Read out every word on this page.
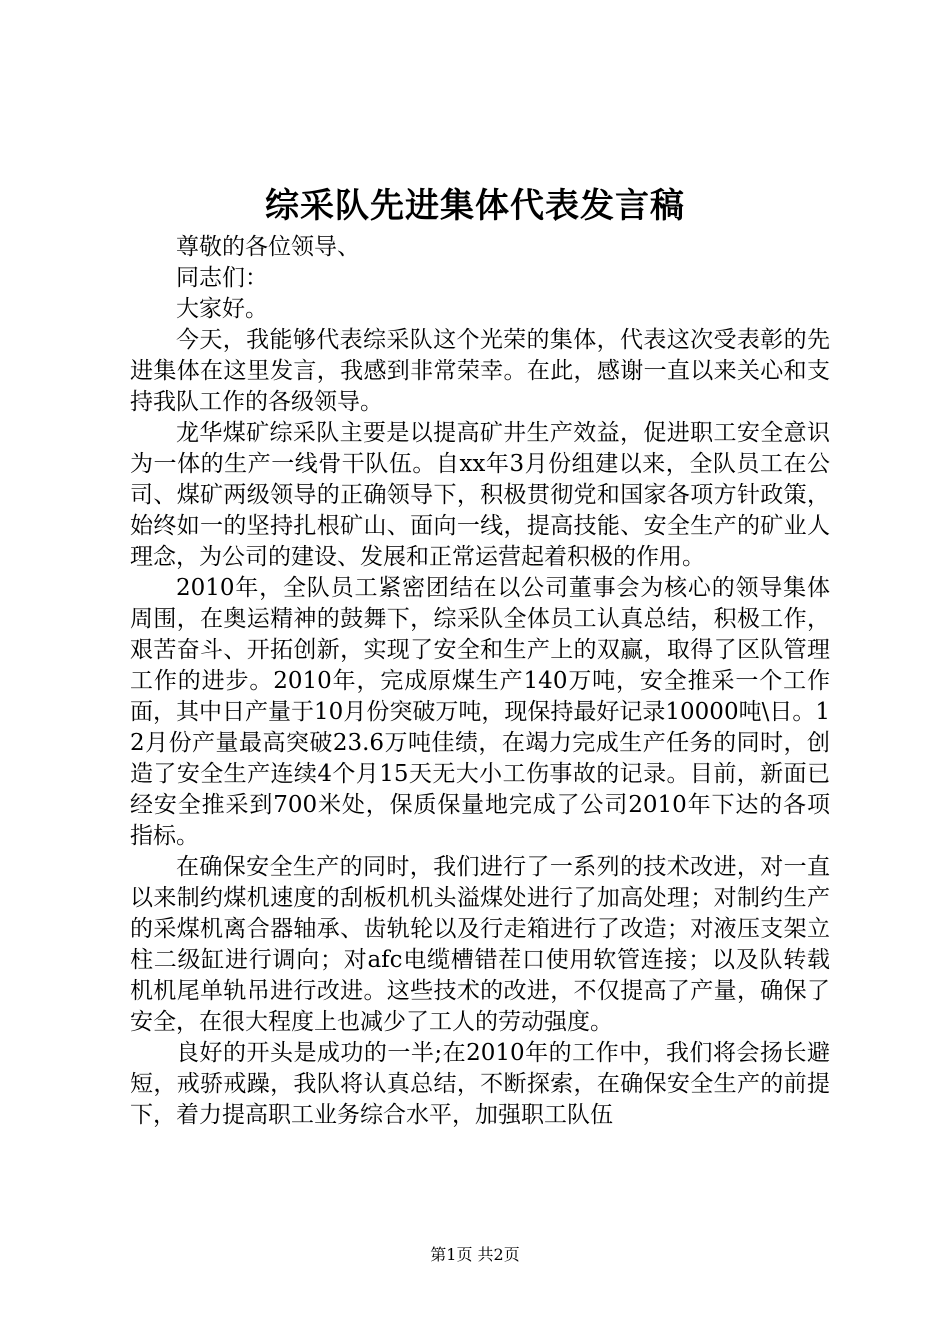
综采队先进集体代表发言稿

尊敬的各位领导、

同志们：

大家好。

今天，我能够代表综采队这个光荣的集体，代表这次受表彰的先进集体在这里发言，我感到非常荣幸。在此，感谢一直以来关心和支持我队工作的各级领导。

龙华煤矿综采队主要是以提高矿井生产效益，促进职工安全意识为一体的生产一线骨干队伍。自xx年3月份组建以来，全队员工在公司、煤矿两级领导的正确领导下，积极贯彻党和国家各项方针政策，始终如一的坚持扎根矿山、面向一线，提高技能、安全生产的矿业人理念，为公司的建设、发展和正常运营起着积极的作用。

2010年，全队员工紧密团结在以公司董事会为核心的领导集体周围，在奥运精神的鼓舞下，综采队全体员工认真总结，积极工作，艰苦奋斗、开拓创新，实现了安全和生产上的双赢，取得了区队管理工作的进步。2010年，完成原煤生产140万吨，安全推采一个工作面，其中日产量于10月份突破万吨，现保持最好记录10000吨\日。12月份产量最高突破23.6万吨佳绩，在竭力完成生产任务的同时，创造了安全生产连续4个月15天无大小工伤事故的记录。目前，新面已经安全推采到700米处，保质保量地完成了公司2010年下达的各项指标。

在确保安全生产的同时，我们进行了一系列的技术改进，对一直以来制约煤机速度的刮板机机头溢煤处进行了加高处理；对制约生产的采煤机离合器轴承、齿轨轮以及行走箱进行了改造；对液压支架立柱二级缸进行调向；对afc电缆槽错茬口使用软管连接；以及队转载机机尾单轨吊进行改进。这些技术的改进，不仅提高了产量，确保了安全，在很大程度上也减少了工人的劳动强度。

良好的开头是成功的一半;在2010年的工作中，我们将会扬长避短，戒骄戒躁，我队将认真总结，不断探索，在确保安全生产的前提下，着力提高职工业务综合水平，加强职工队伍

第1页 共2页
